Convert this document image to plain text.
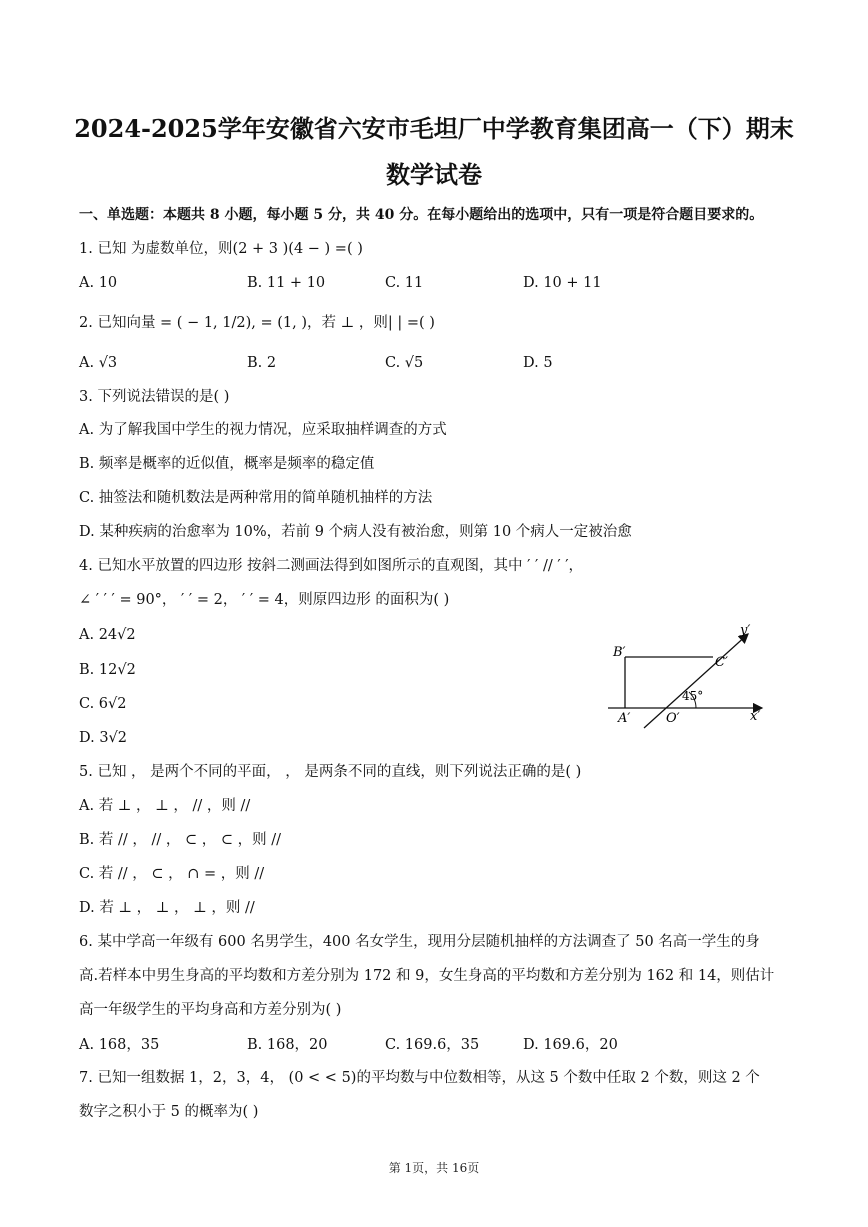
2024-2025学年安徽省六安市毛坦厂中学教育集团高一（下）期末
数学试卷
一、单选题：本题共 8 小题，每小题 5 分，共 40 分。在每小题给出的选项中，只有一项是符合题目要求的。
1. 已知 为虚数单位，则(2 + 3 )(4 − ) =( )
A. 10	B. 11 + 10	C. 11	D. 10 + 11
2. 已知向量 = ( − 1, 1/2), = (1, )，若 ⊥ ，则| | =( )
A. √3	B. 2	C. √5	D. 5
3. 下列说法错误的是( )
A. 为了解我国中学生的视力情况，应采取抽样调查的方式
B. 频率是概率的近似值，概率是频率的稳定值
C. 抽签法和随机数法是两种常用的简单随机抽样的方法
D. 某种疾病的治愈率为 10%，若前 9 个病人没有被治愈，则第 10 个病人一定被治愈
4. 已知水平放置的四边形 按斜二测画法得到如图所示的直观图，其中 ′ ′ // ′ ′，
∠ ′ ′ ′ = 90°， ′ ′ = 2， ′ ′ = 4，则原四边形 的面积为( )
A. 24√2
B. 12√2
C. 6√2
D. 3√2
B′
C′
A′	O′
45°
x′
y′
5. 已知 ， 是两个不同的平面， ， 是两条不同的直线，则下列说法正确的是( )
A. 若 ⊥ ， ⊥ ， // ，则 //
B. 若 // ， // ， ⊂ ， ⊂ ，则 //
C. 若 // ， ⊂ ， ∩ = ，则 //
D. 若 ⊥ ， ⊥ ， ⊥ ，则 //
6. 某中学高一年级有 600 名男学生，400 名女学生，现用分层随机抽样的方法调查了 50 名高一学生的身
高.若样本中男生身高的平均数和方差分别为 172 和 9，女生身高的平均数和方差分别为 162 和 14，则估计
高一年级学生的平均身高和方差分别为( )
A. 168，35	B. 168，20	C. 169.6，35	D. 169.6，20
7. 已知一组数据 1，2，3，4， (0 < < 5)的平均数与中位数相等，从这 5 个数中任取 2 个数，则这 2 个
数字之积小于 5 的概率为( )
第 1页，共 16页
